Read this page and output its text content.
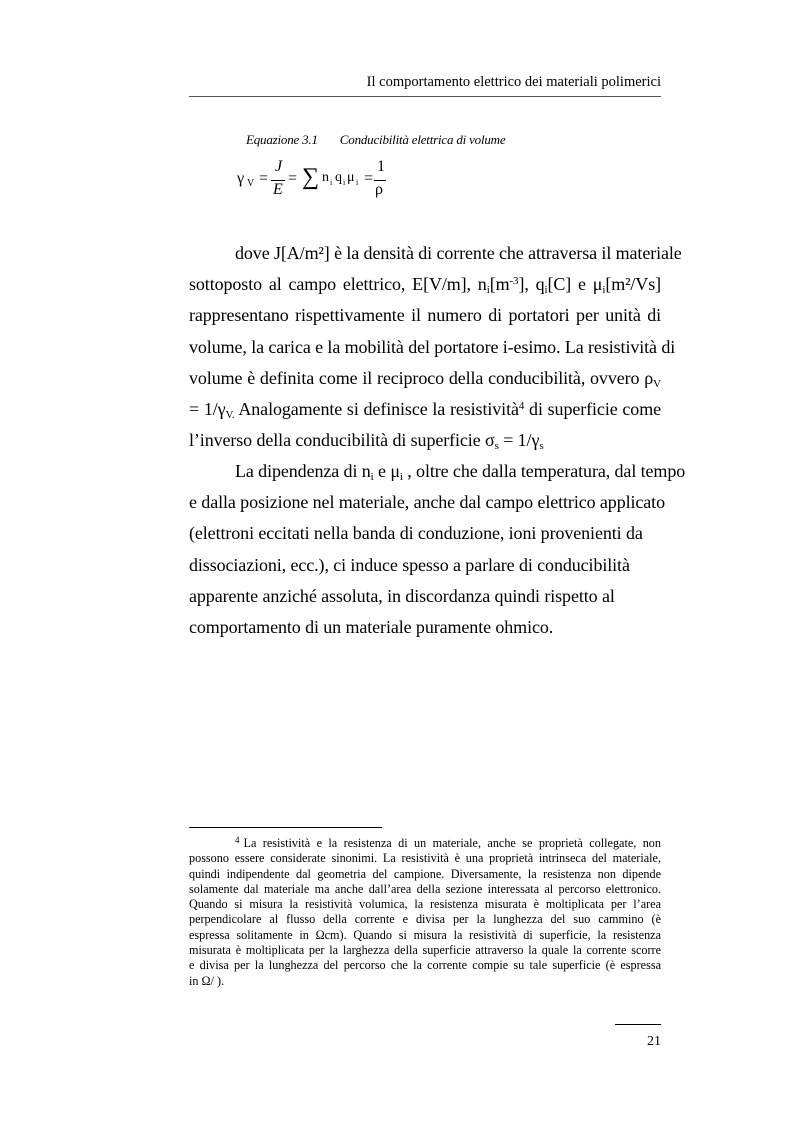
Il comportamento elettrico dei materiali polimerici
Equazione 3.1 Conducibilità elettrica di volume
γ V =
J
E
= ∑ n i q i μ i =
1
ρ
dove J[A/m²] è la densità di corrente che attraversa il materiale
sottoposto al campo elettrico, E[V/m], $n_i[m^{-3}]$, $q_i[C]$ e $\mu_i[m^2/Vs]$
rappresentano rispettivamente il numero di portatori per unità di
volume, la carica e la mobilità del portatore i-esimo. La resistività di
volume è definita come il reciproco della conducibilità, ovvero $\rho_V$
= $1/\gamma_{V.}$ Analogamente si definisce la resistività$^4$ di superficie come
l’inverso della conducibilità di superficie $\sigma_s = 1/\gamma_s$
La dipendenza di $n_i$ e $\mu_i$ , oltre che dalla temperatura, dal tempo
e dalla posizione nel materiale, anche dal campo elettrico applicato
(elettroni eccitati nella banda di conduzione, ioni provenienti da
dissociazioni, ecc.), ci induce spesso a parlare di conducibilità
apparente anziché assoluta, in discordanza quindi rispetto al
comportamento di un materiale puramente ohmico.
$^4$ La resistività e la resistenza di un materiale, anche se proprietà collegate, non
possono essere considerate sinonimi. La resistività è una proprietà intrinseca del materiale,
quindi indipendente dal geometria del campione. Diversamente, la resistenza non dipende
solamente dal materiale ma anche dall’area della sezione interessata al percorso elettronico.
Quando si misura la resistività volumica, la resistenza misurata è moltiplicata per l’area
perpendicolare al flusso della corrente e divisa per la lunghezza del suo cammino (è
espressa solitamente in Ωcm). Quando si misura la resistività di superficie, la resistenza
misurata è moltiplicata per la larghezza della superficie attraverso la quale la corrente scorre
e divisa per la lunghezza del percorso che la corrente compie su tale superficie (è espressa
in Ω/ ).
21
